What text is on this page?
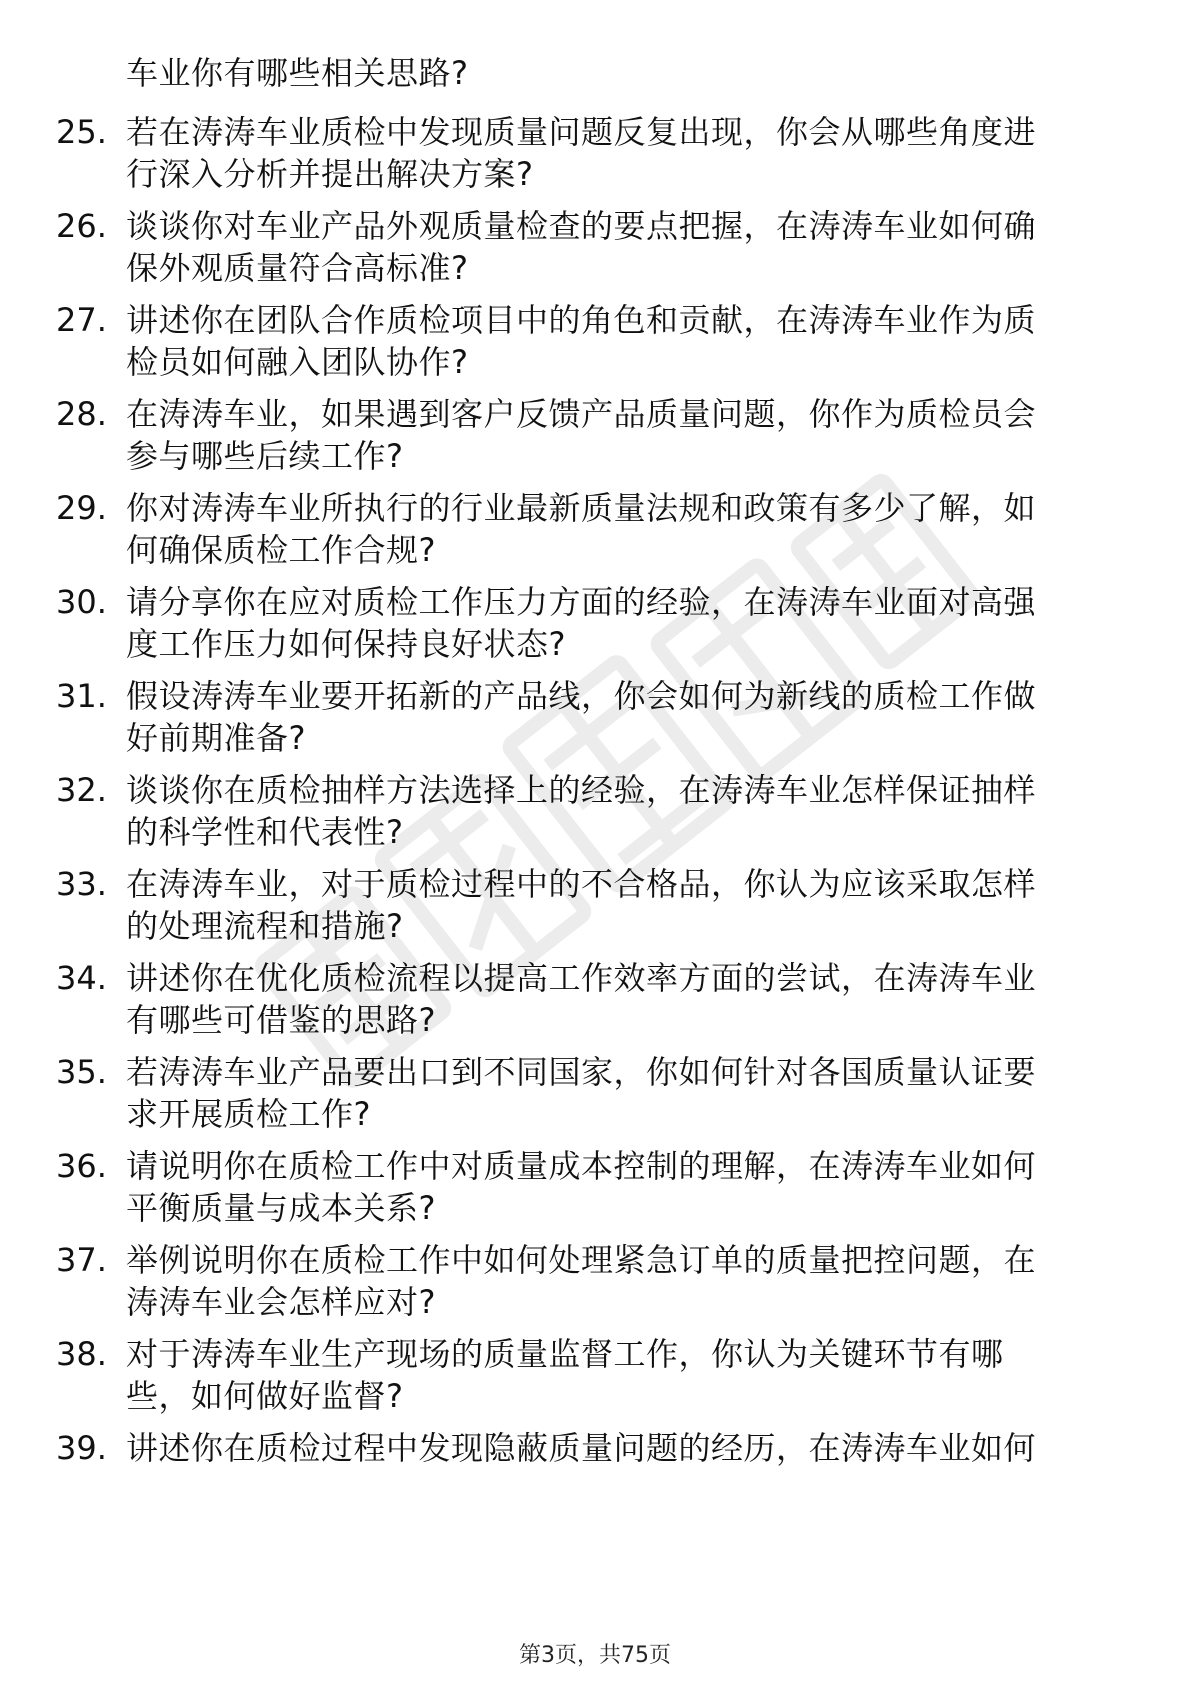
车业你有哪些相关思路?
25. 若在涛涛车业质检中发现质量问题反复出现，你会从哪些角度进
行深入分析并提出解决方案?
26. 谈谈你对车业产品外观质量检查的要点把握，在涛涛车业如何确
保外观质量符合高标准?
27. 讲述你在团队合作质检项目中的角色和贡献，在涛涛车业作为质
检员如何融入团队协作?
28. 在涛涛车业，如果遇到客户反馈产品质量问题，你作为质检员会
参与哪些后续工作?
29. 你对涛涛车业所执行的行业最新质量法规和政策有多少了解，如
何确保质检工作合规?
30. 请分享你在应对质检工作压力方面的经验，在涛涛车业面对高强
度工作压力如何保持良好状态?
31. 假设涛涛车业要开拓新的产品线，你会如何为新线的质检工作做
好前期准备?
32. 谈谈你在质检抽样方法选择上的经验，在涛涛车业怎样保证抽样
的科学性和代表性?
33. 在涛涛车业，对于质检过程中的不合格品，你认为应该采取怎样
的处理流程和措施?
34. 讲述你在优化质检流程以提高工作效率方面的尝试，在涛涛车业
有哪些可借鉴的思路?
35. 若涛涛车业产品要出口到不同国家，你如何针对各国质量认证要
求开展质检工作?
36. 请说明你在质检工作中对质量成本控制的理解，在涛涛车业如何
平衡质量与成本关系?
37. 举例说明你在质检工作中如何处理紧急订单的质量把控问题，在
涛涛车业会怎样应对?
38. 对于涛涛车业生产现场的质量监督工作，你认为关键环节有哪
些，如何做好监督?
39. 讲述你在质检过程中发现隐蔽质量问题的经历，在涛涛车业如何
第3页，共75页
